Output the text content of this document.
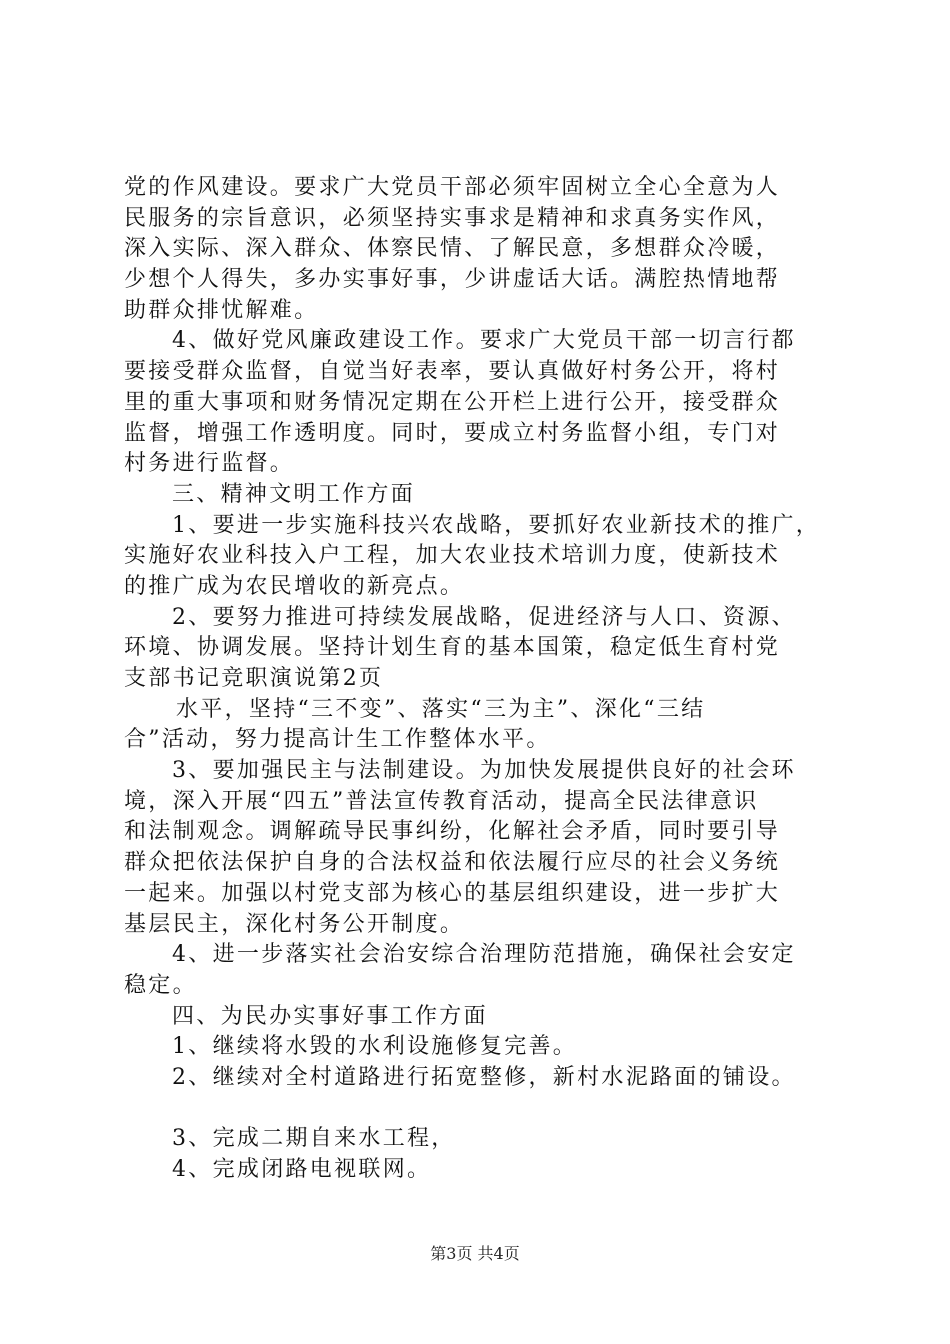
党的作风建设。要求广大党员干部必须牢固树立全心全意为人
民服务的宗旨意识，必须坚持实事求是精神和求真务实作风，
深入实际、深入群众、体察民情、了解民意，多想群众冷暖，
少想个人得失，多办实事好事，少讲虚话大话。满腔热情地帮
助群众排忧解难。
4、做好党风廉政建设工作。要求广大党员干部一切言行都
要接受群众监督，自觉当好表率，要认真做好村务公开，将村
里的重大事项和财务情况定期在公开栏上进行公开，接受群众
监督，增强工作透明度。同时，要成立村务监督小组，专门对
村务进行监督。
三、精神文明工作方面
1、要进一步实施科技兴农战略，要抓好农业新技术的推广，
实施好农业科技入户工程，加大农业技术培训力度，使新技术
的推广成为农民增收的新亮点。
2、要努力推进可持续发展战略，促进经济与人口、资源、
环境、协调发展。坚持计划生育的基本国策，稳定低生育村党
支部书记竞职演说第2页
水平，坚持“三不变”、落实“三为主”、深化“三结
合”活动，努力提高计生工作整体水平。
3、要加强民主与法制建设。为加快发展提供良好的社会环
境，深入开展“四五”普法宣传教育活动，提高全民法律意识
和法制观念。调解疏导民事纠纷，化解社会矛盾，同时要引导
群众把依法保护自身的合法权益和依法履行应尽的社会义务统
一起来。加强以村党支部为核心的基层组织建设，进一步扩大
基层民主，深化村务公开制度。
4、进一步落实社会治安综合治理防范措施，确保社会安定
稳定。
四、为民办实事好事工作方面
1、继续将水毁的水利设施修复完善。
2、继续对全村道路进行拓宽整修，新村水泥路面的铺设。
3、完成二期自来水工程，
4、完成闭路电视联网。
第3页 共4页
